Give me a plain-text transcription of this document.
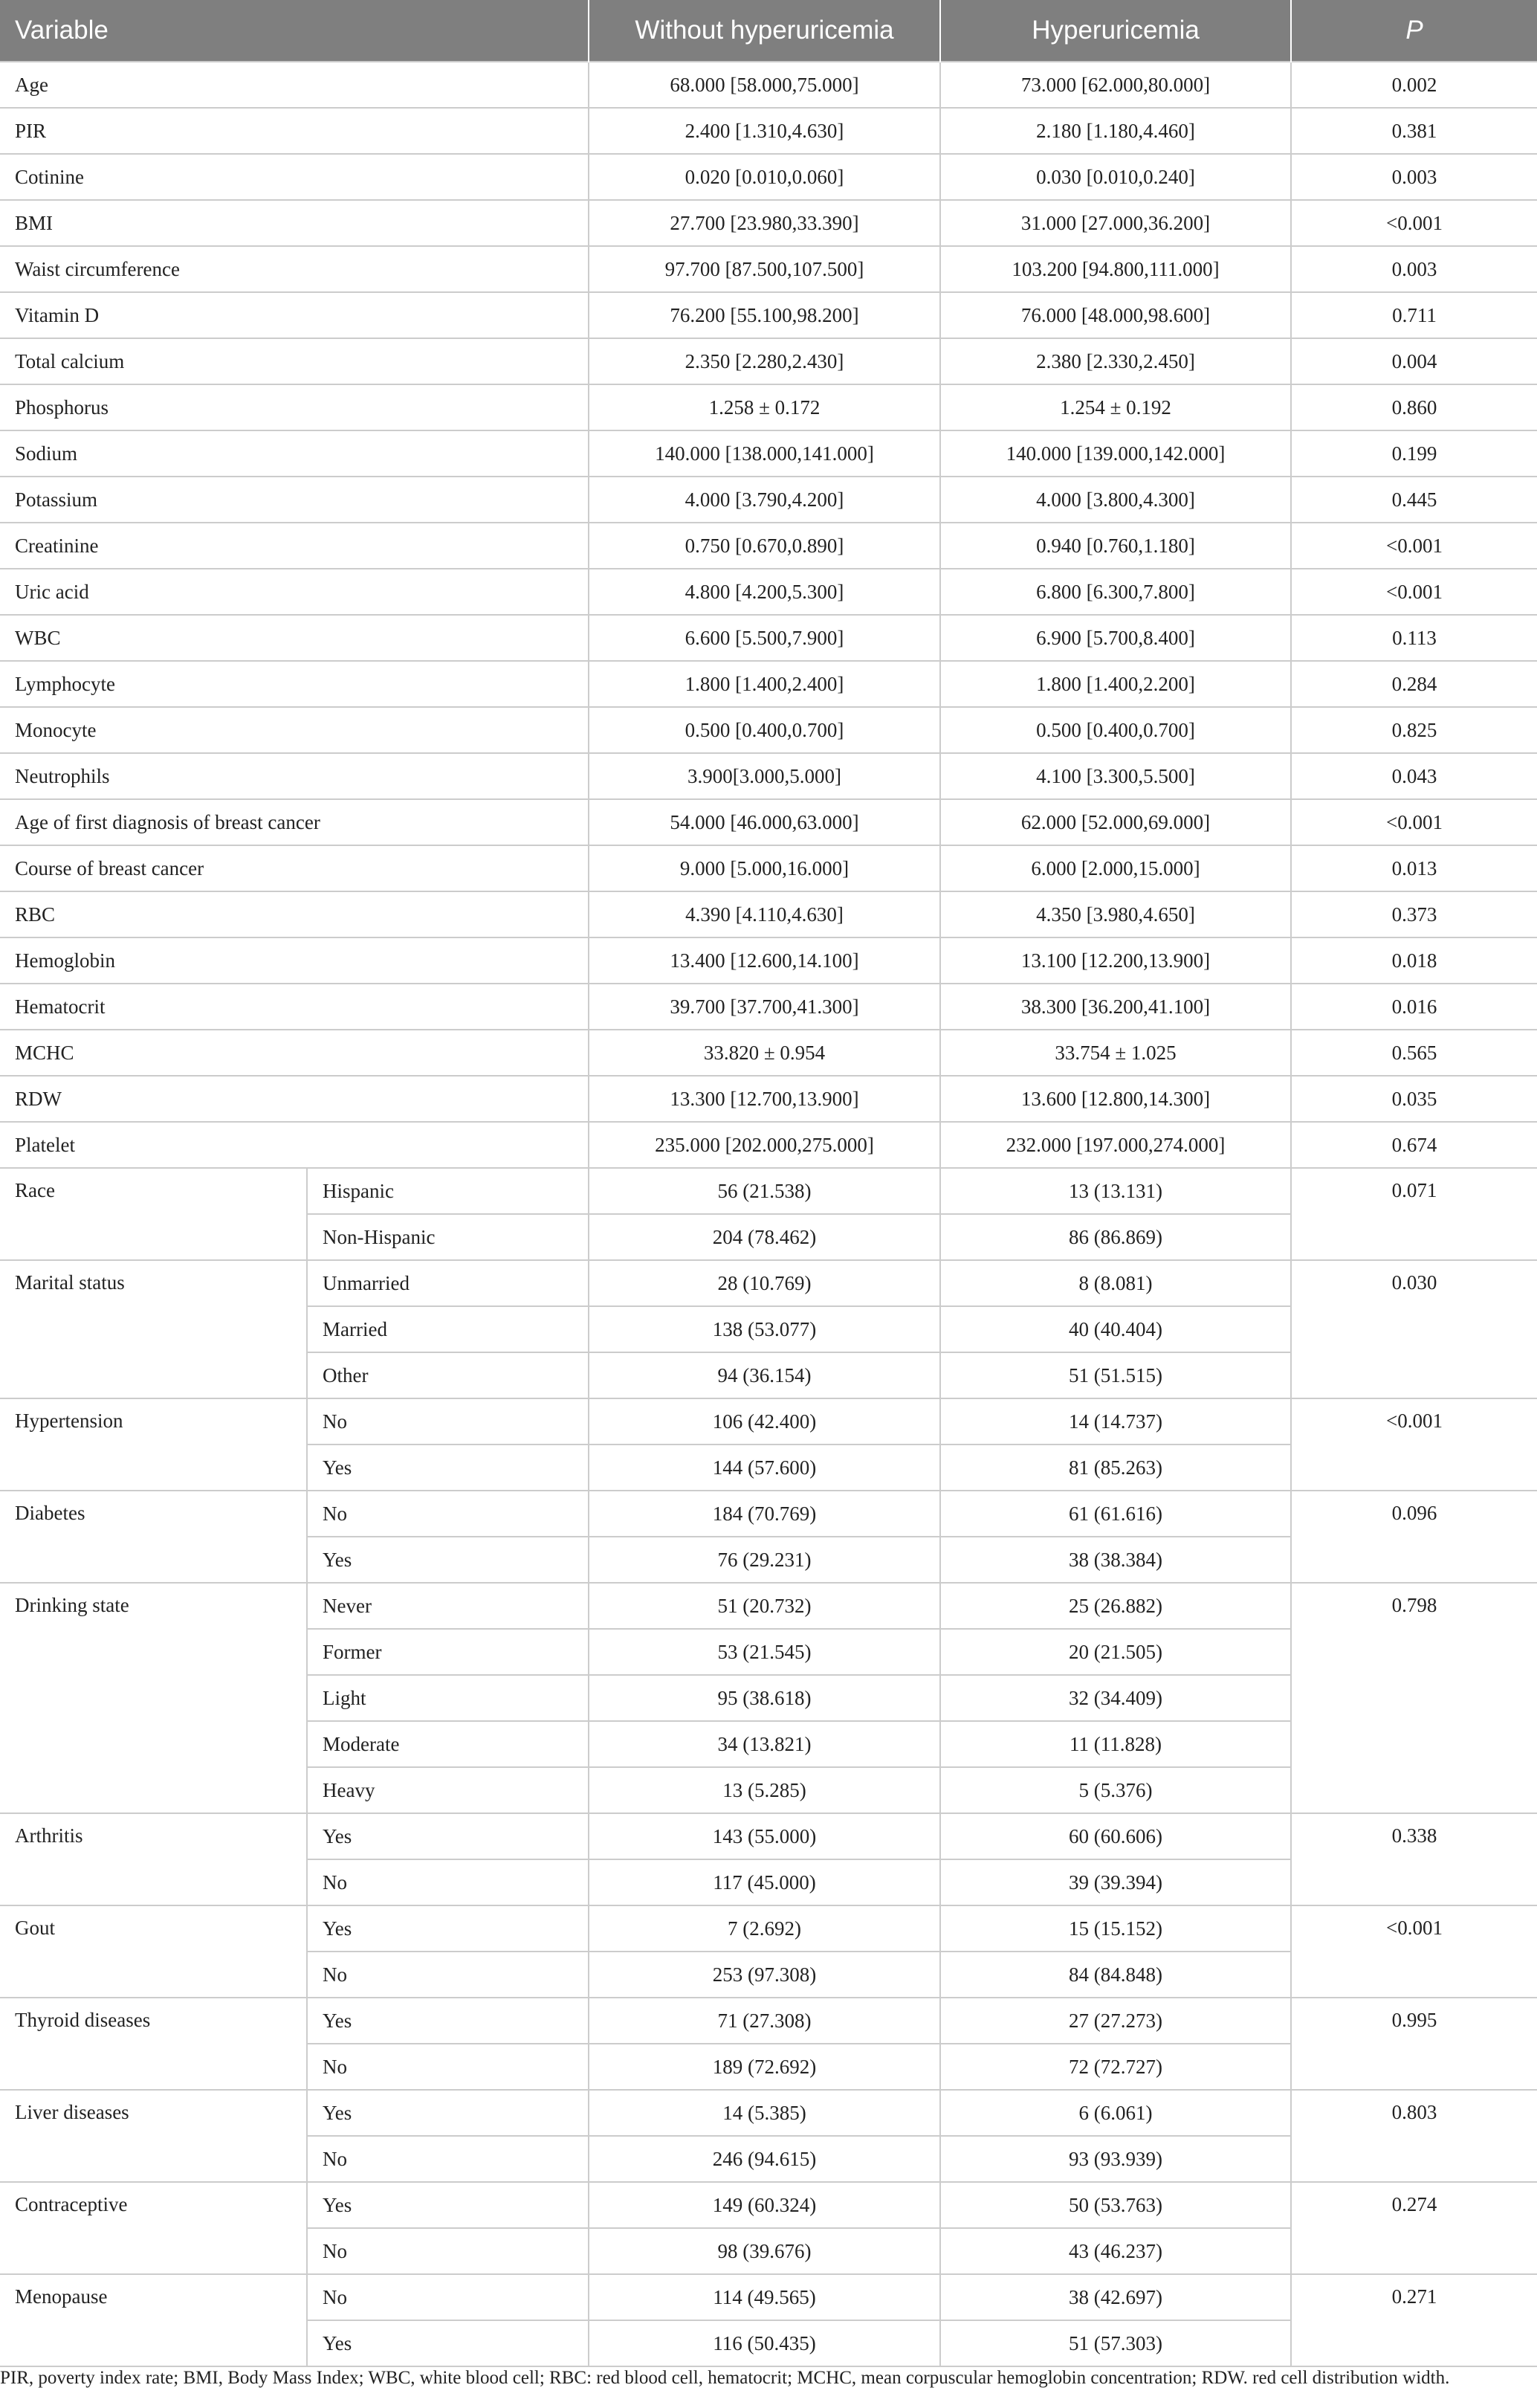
Variable		Without hyperuricemia	Hyperuricemia	P
Age		68.000 [58.000,75.000]	73.000 [62.000,80.000]	0.002
PIR		2.400 [1.310,4.630]	2.180 [1.180,4.460]	0.381
Cotinine		0.020 [0.010,0.060]	0.030 [0.010,0.240]	0.003
BMI		27.700 [23.980,33.390]	31.000 [27.000,36.200]	<0.001
Waist circumference		97.700 [87.500,107.500]	103.200 [94.800,111.000]	0.003
Vitamin D		76.200 [55.100,98.200]	76.000 [48.000,98.600]	0.711
Total calcium		2.350 [2.280,2.430]	2.380 [2.330,2.450]	0.004
Phosphorus		1.258 ± 0.172	1.254 ± 0.192	0.860
Sodium		140.000 [138.000,141.000]	140.000 [139.000,142.000]	0.199
Potassium		4.000 [3.790,4.200]	4.000 [3.800,4.300]	0.445
Creatinine		0.750 [0.670,0.890]	0.940 [0.760,1.180]	<0.001
Uric acid		4.800 [4.200,5.300]	6.800 [6.300,7.800]	<0.001
WBC		6.600 [5.500,7.900]	6.900 [5.700,8.400]	0.113
Lymphocyte		1.800 [1.400,2.400]	1.800 [1.400,2.200]	0.284
Monocyte		0.500 [0.400,0.700]	0.500 [0.400,0.700]	0.825
Neutrophils		3.900[3.000,5.000]	4.100 [3.300,5.500]	0.043
Age of first diagnosis of breast cancer		54.000 [46.000,63.000]	62.000 [52.000,69.000]	<0.001
Course of breast cancer		9.000 [5.000,16.000]	6.000 [2.000,15.000]	0.013
RBC		4.390 [4.110,4.630]	4.350 [3.980,4.650]	0.373
Hemoglobin		13.400 [12.600,14.100]	13.100 [12.200,13.900]	0.018
Hematocrit		39.700 [37.700,41.300]	38.300 [36.200,41.100]	0.016
MCHC		33.820 ± 0.954	33.754 ± 1.025	0.565
RDW		13.300 [12.700,13.900]	13.600 [12.800,14.300]	0.035
Platelet		235.000 [202.000,275.000]	232.000 [197.000,274.000]	0.674
Race	Hispanic	56 (21.538)	13 (13.131)	0.071
	Non-Hispanic	204 (78.462)	86 (86.869)	
Marital status	Unmarried	28 (10.769)	8 (8.081)	0.030
	Married	138 (53.077)	40 (40.404)	
	Other	94 (36.154)	51 (51.515)	
Hypertension	No	106 (42.400)	14 (14.737)	<0.001
	Yes	144 (57.600)	81 (85.263)	
Diabetes	No	184 (70.769)	61 (61.616)	0.096
	Yes	76 (29.231)	38 (38.384)	
Drinking state	Never	51 (20.732)	25 (26.882)	0.798
	Former	53 (21.545)	20 (21.505)	
	Light	95 (38.618)	32 (34.409)	
	Moderate	34 (13.821)	11 (11.828)	
	Heavy	13 (5.285)	5 (5.376)	
Arthritis	Yes	143 (55.000)	60 (60.606)	0.338
	No	117 (45.000)	39 (39.394)	
Gout	Yes	7 (2.692)	15 (15.152)	<0.001
	No	253 (97.308)	84 (84.848)	
Thyroid diseases	Yes	71 (27.308)	27 (27.273)	0.995
	No	189 (72.692)	72 (72.727)	
Liver diseases	Yes	14 (5.385)	6 (6.061)	0.803
	No	246 (94.615)	93 (93.939)	
Contraceptive	Yes	149 (60.324)	50 (53.763)	0.274
	No	98 (39.676)	43 (46.237)	
Menopause	No	114 (49.565)	38 (42.697)	0.271
	Yes	116 (50.435)	51 (57.303)	
PIR, poverty index rate; BMI, Body Mass Index; WBC, white blood cell; RBC: red blood cell, hematocrit; MCHC, mean corpuscular hemoglobin concentration; RDW. red cell distribution width.
